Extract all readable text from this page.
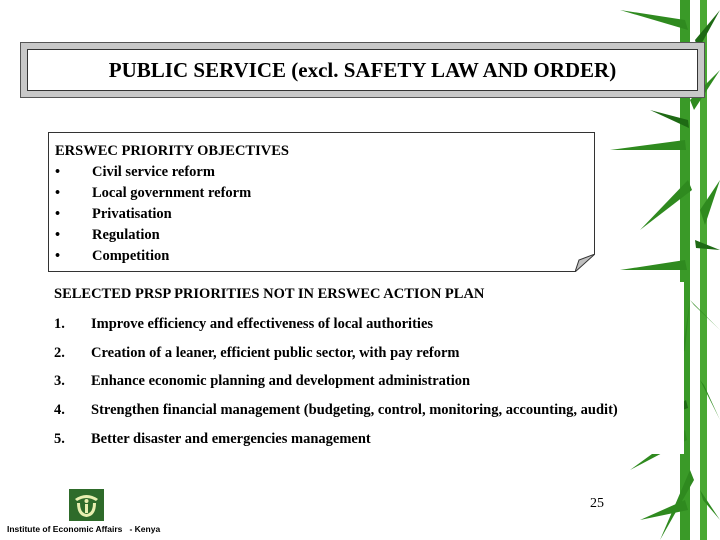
PUBLIC SERVICE (excl. SAFETY LAW AND ORDER)
ERSWEC PRIORITY OBJECTIVES
•	Civil service reform
•	Local government reform
•	Privatisation
•	Regulation
•	Competition
SELECTED PRSP PRIORITIES NOT IN ERSWEC ACTION PLAN
1.	Improve efficiency and effectiveness of local authorities
2.	Creation of a leaner, efficient public sector, with pay reform
3.	Enhance economic planning and development administration
4.	Strengthen financial management (budgeting, control, monitoring, accounting, audit)
5.	Better disaster and emergencies management
25
Institute of Economic Affairs   - Kenya
